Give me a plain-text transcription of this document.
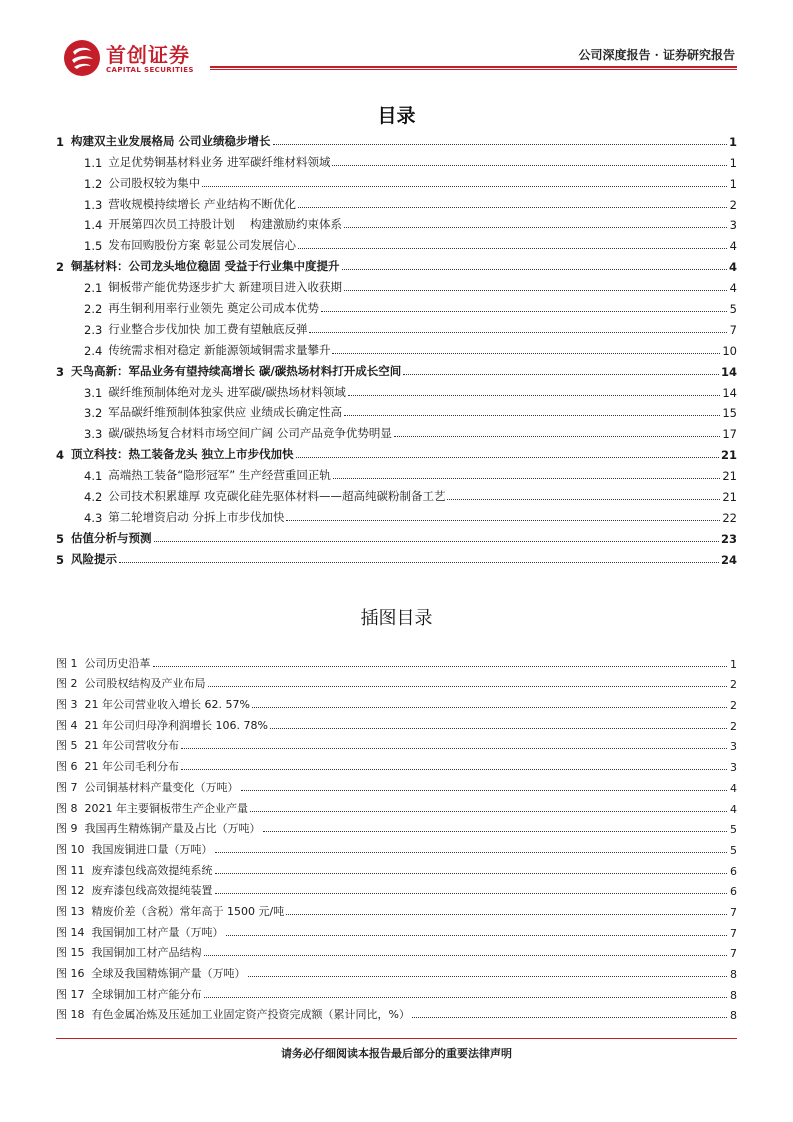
首创证券
CAPITAL SECURITIES
公司深度报告 · 证券研究报告
目录
1 构建双主业发展格局 公司业绩稳步增长	1
1.1 立足优势铜基材料业务 进军碳纤维材料领域	1
1.2 公司股权较为集中	1
1.3 营收规模持续增长 产业结构不断优化	2
1.4 开展第四次员工持股计划　 构建激励约束体系	3
1.5 发布回购股份方案 彰显公司发展信心	4
2 铜基材料：公司龙头地位稳固 受益于行业集中度提升	4
2.1 铜板带产能优势逐步扩大 新建项目进入收获期	4
2.2 再生铜利用率行业领先 奠定公司成本优势	5
2.3 行业整合步伐加快 加工费有望触底反弹	7
2.4 传统需求相对稳定 新能源领域铜需求量攀升	10
3 天鸟高新：军品业务有望持续高增长 碳/碳热场材料打开成长空间	14
3.1 碳纤维预制体绝对龙头 进军碳/碳热场材料领域	14
3.2 军品碳纤维预制体独家供应 业绩成长确定性高	15
3.3 碳/碳热场复合材料市场空间广阔 公司产品竞争优势明显	17
4 顶立科技：热工装备龙头 独立上市步伐加快	21
4.1 高端热工装备“隐形冠军” 生产经营重回正轨	21
4.2 公司技术积累雄厚 攻克碳化硅先驱体材料——超高纯碳粉制备工艺	21
4.3 第二轮增资启动 分拆上市步伐加快	22
5 估值分析与预测	23
5 风险提示	24
插图目录
图 1 公司历史沿革	1
图 2 公司股权结构及产业布局	2
图 3 21 年公司营业收入增长 62. 57%	2
图 4 21 年公司归母净利润增长 106. 78%	2
图 5 21 年公司营收分布	3
图 6 21 年公司毛利分布	3
图 7 公司铜基材料产量变化（万吨）	4
图 8 2021 年主要铜板带生产企业产量	4
图 9 我国再生精炼铜产量及占比（万吨）	5
图 10 我国废铜进口量（万吨）	5
图 11 废弃漆包线高效提纯系统	6
图 12 废弃漆包线高效提纯装置	6
图 13 精废价差（含税）常年高于 1500 元/吨	7
图 14 我国铜加工材产量（万吨）	7
图 15 我国铜加工材产品结构	7
图 16 全球及我国精炼铜产量（万吨）	8
图 17 全球铜加工材产能分布	8
图 18 有色金属冶炼及压延加工业固定资产投资完成额（累计同比，%）	8
请务必仔细阅读本报告最后部分的重要法律声明
